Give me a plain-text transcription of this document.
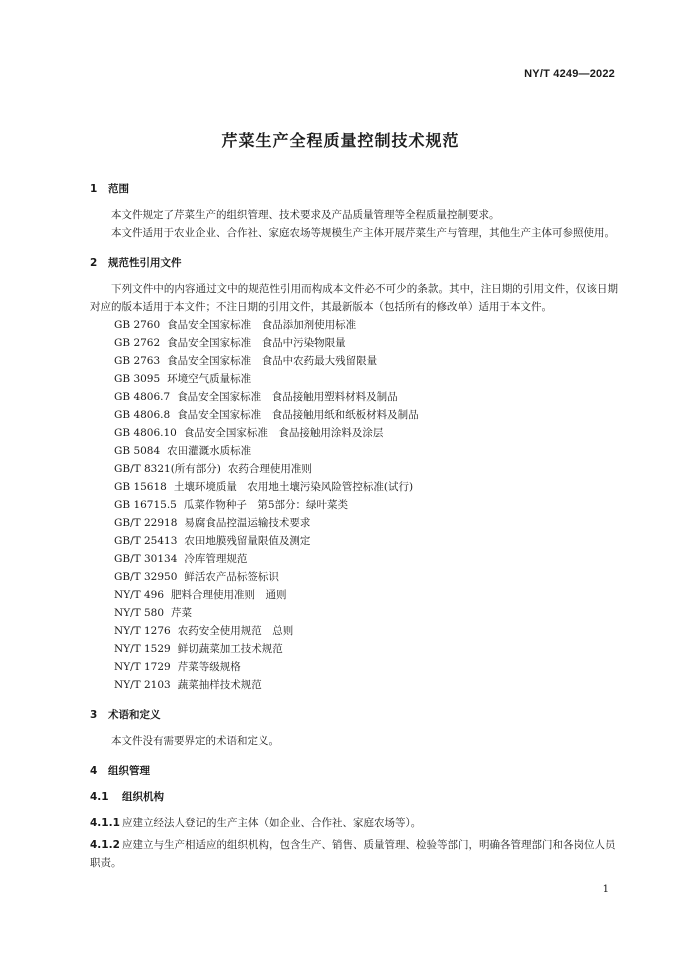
NY/T 4249—2022
芹菜生产全程质量控制技术规范
1 范围

本文件规定了芹菜生产的组织管理、技术要求及产品质量管理等全程质量控制要求。

本文件适用于农业企业、合作社、家庭农场等规模生产主体开展芹菜生产与管理，其他生产主体可参照使用。

2 规范性引用文件

下列文件中的内容通过文中的规范性引用而构成本文件必不可少的条款。其中，注日期的引用文件，仅该日期对应的版本适用于本文件；不注日期的引用文件，其最新版本（包括所有的修改单）适用于本文件。

GB 2760 食品安全国家标准　食品添加剂使用标准

GB 2762 食品安全国家标准　食品中污染物限量

GB 2763 食品安全国家标准　食品中农药最大残留限量

GB 3095 环境空气质量标准

GB 4806.7 食品安全国家标准　食品接触用塑料材料及制品

GB 4806.8 食品安全国家标准　食品接触用纸和纸板材料及制品

GB 4806.10 食品安全国家标准　食品接触用涂料及涂层

GB 5084 农田灌溉水质标准

GB/T 8321(所有部分) 农药合理使用准则

GB 15618 土壤环境质量　农用地土壤污染风险管控标准(试行)

GB 16715.5 瓜菜作物种子　第5部分：绿叶菜类

GB/T 22918 易腐食品控温运输技术要求

GB/T 25413 农田地膜残留量限值及测定

GB/T 30134 冷库管理规范

GB/T 32950 鲜活农产品标签标识

NY/T 496 肥料合理使用准则　通则

NY/T 580 芹菜

NY/T 1276 农药安全使用规范　总则

NY/T 1529 鲜切蔬菜加工技术规范

NY/T 1729 芹菜等级规格

NY/T 2103 蔬菜抽样技术规范

3 术语和定义

本文件没有需要界定的术语和定义。

4 组织管理
4.1 组织机构

4.1.1 应建立经法人登记的生产主体（如企业、合作社、家庭农场等）。

4.1.2 应建立与生产相适应的组织机构，包含生产、销售、质量管理、检验等部门，明确各管理部门和各岗位人员职责。

1
